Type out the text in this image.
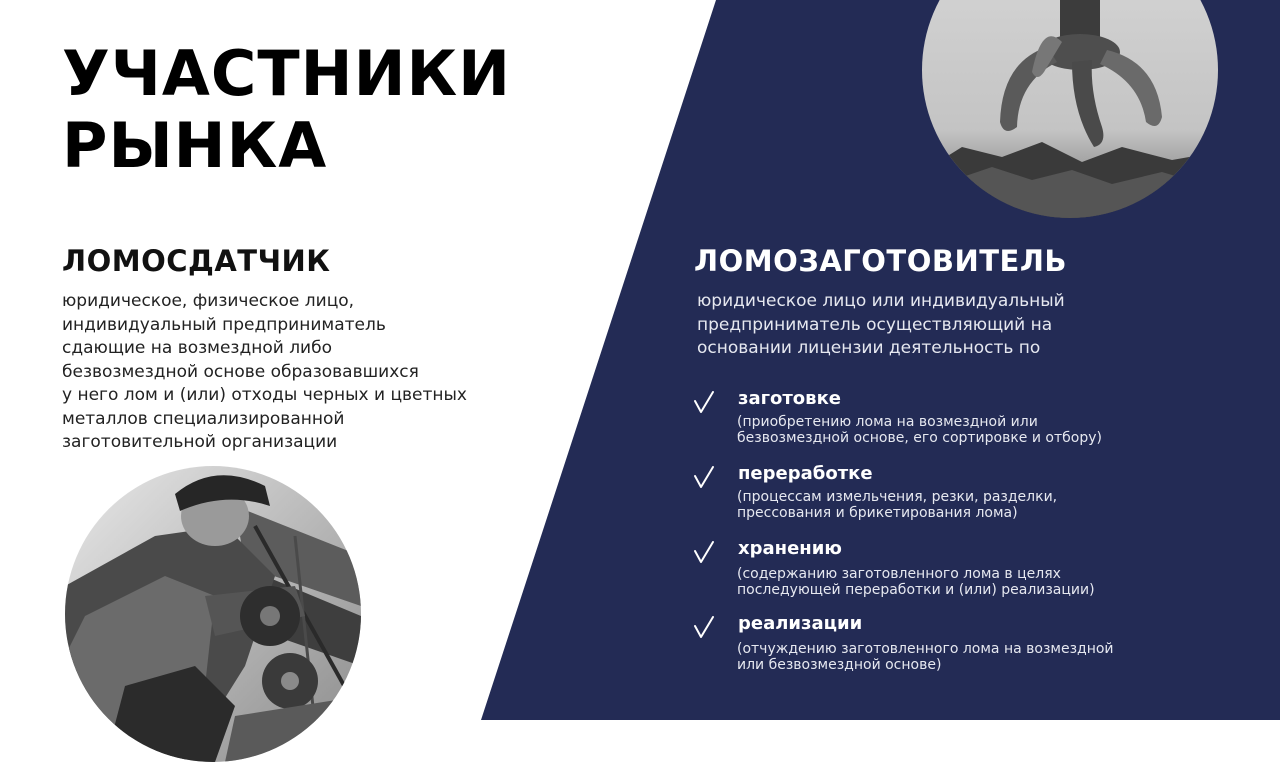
УЧАСТНИКИ
РЫНКА
ЛОМОСДАТЧИК

юридическое, физическое лицо,
индивидуальный предприниматель
сдающие на возмездной либо
безвозмездной основе образовавшихся
у него лом и (или) отходы черных и цветных
металлов специализированной
заготовительной организации

ЛОМОЗАГОТОВИТЕЛЬ

юридическое лицо или индивидуальный
предприниматель осуществляющий на
основании лицензии деятельность по

заготовке

(приобретению лома на возмездной или
безвозмездной основе, его сортировке и отбору)

переработке

(процессам измельчения, резки, разделки,
прессования и брикетирования лома)

хранению

(содержанию заготовленного лома в целях
последующей переработки и (или) реализации)

реализации

(отчуждению заготовленного лома на возмездной
или безвозмездной основе)
